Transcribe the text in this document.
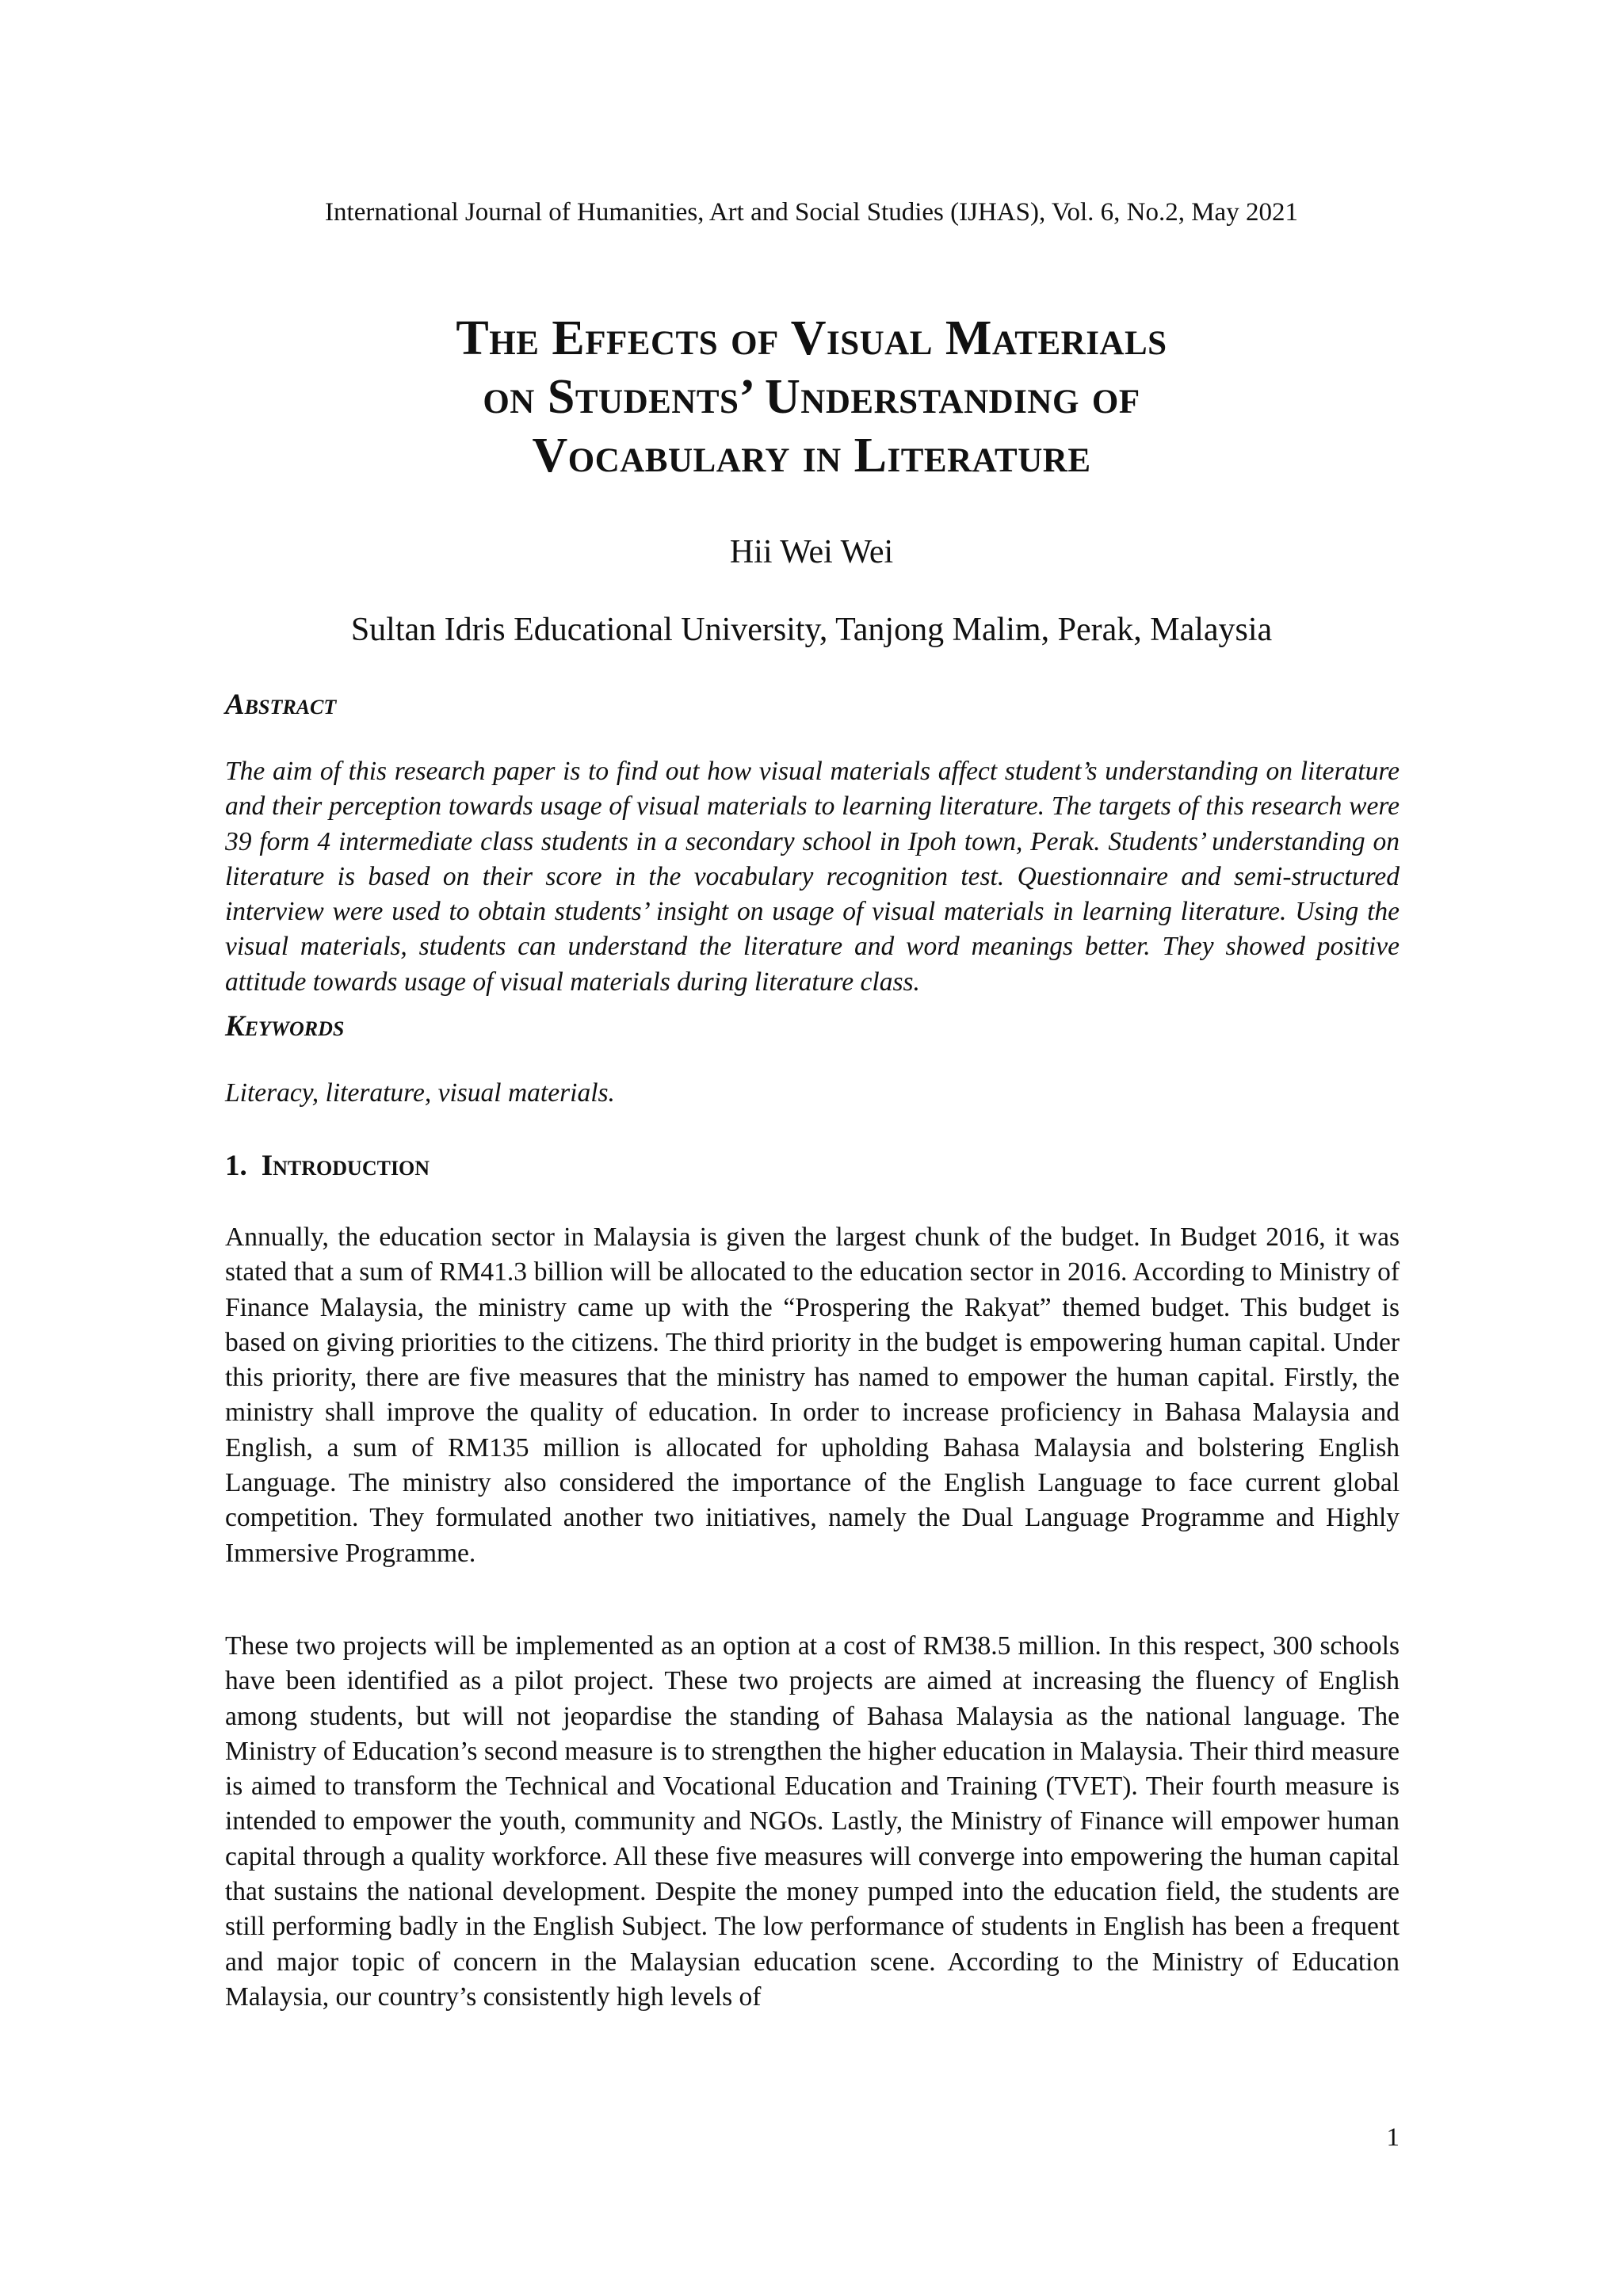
International Journal of Humanities, Art and Social Studies (IJHAS), Vol. 6, No.2, May 2021
The Effects of Visual Materials
on Students’ Understanding of
Vocabulary in Literature
Hii Wei Wei
Sultan Idris Educational University, Tanjong Malim, Perak, Malaysia
Abstract

The aim of this research paper is to find out how visual materials affect student’s understanding on literature and their perception towards usage of visual materials to learning literature. The targets of this research were 39 form 4 intermediate class students in a secondary school in Ipoh town, Perak. Students’ understanding on literature is based on their score in the vocabulary recognition test. Questionnaire and semi-structured interview were used to obtain students’ insight on usage of visual materials in learning literature. Using the visual materials, students can understand the literature and word meanings better. They showed positive attitude towards usage of visual materials during literature class.

Keywords

Literacy, literature, visual materials.

1. Introduction

Annually, the education sector in Malaysia is given the largest chunk of the budget. In Budget 2016, it was stated that a sum of RM41.3 billion will be allocated to the education sector in 2016. According to Ministry of Finance Malaysia, the ministry came up with the “Prospering the Rakyat” themed budget. This budget is based on giving priorities to the citizens. The third priority in the budget is empowering human capital. Under this priority, there are five measures that the ministry has named to empower the human capital. Firstly, the ministry shall improve the quality of education. In order to increase proficiency in Bahasa Malaysia and English, a sum of RM135 million is allocated for upholding Bahasa Malaysia and bolstering English Language. The ministry also considered the importance of the English Language to face current global competition. They formulated another two initiatives, namely the Dual Language Programme and Highly Immersive Programme.

These two projects will be implemented as an option at a cost of RM38.5 million. In this respect, 300 schools have been identified as a pilot project. These two projects are aimed at increasing the fluency of English among students, but will not jeopardise the standing of Bahasa Malaysia as the national language. The Ministry of Education’s second measure is to strengthen the higher education in Malaysia. Their third measure is aimed to transform the Technical and Vocational Education and Training (TVET). Their fourth measure is intended to empower the youth, community and NGOs. Lastly, the Ministry of Finance will empower human capital through a quality workforce. All these five measures will converge into empowering the human capital that sustains the national development. Despite the money pumped into the education field, the students are still performing badly in the English Subject. The low performance of students in English has been a frequent and major topic of concern in the Malaysian education scene. According to the Ministry of Education Malaysia, our country’s consistently high levels of

1
